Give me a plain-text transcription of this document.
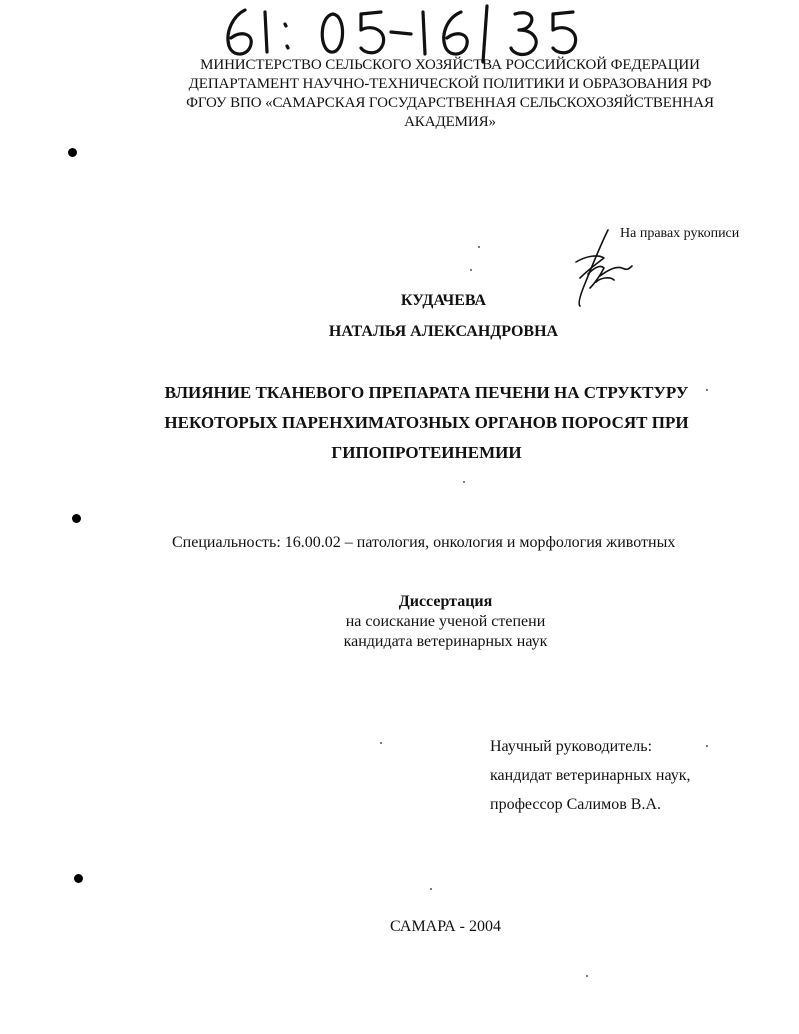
МИНИСТЕРСТВО СЕЛЬСКОГО ХОЗЯЙСТВА РОССИЙСКОЙ ФЕДЕРАЦИИ
ДЕПАРТАМЕНТ НАУЧНО-ТЕХНИЧЕСКОЙ ПОЛИТИКИ И ОБРАЗОВАНИЯ РФ
ФГОУ ВПО «САМАРСКАЯ ГОСУДАРСТВЕННАЯ СЕЛЬСКОХОЗЯЙСТВЕННАЯ
АКАДЕМИЯ»
На правах рукописи
КУДАЧЕВА
НАТАЛЬЯ АЛЕКСАНДРОВНА
ВЛИЯНИЕ ТКАНЕВОГО ПРЕПАРАТА ПЕЧЕНИ НА СТРУКТУРУ
НЕКОТОРЫХ ПАРЕНХИМАТОЗНЫХ ОРГАНОВ ПОРОСЯТ ПРИ
ГИПОПРОТЕИНЕМИИ
Специальность: 16.00.02 – патология, онкология и морфология животных
Диссертация
на соискание ученой степени
кандидата ветеринарных наук
Научный руководитель:
кандидат ветеринарных наук,
профессор Салимов В.А.
САМАРА - 2004
